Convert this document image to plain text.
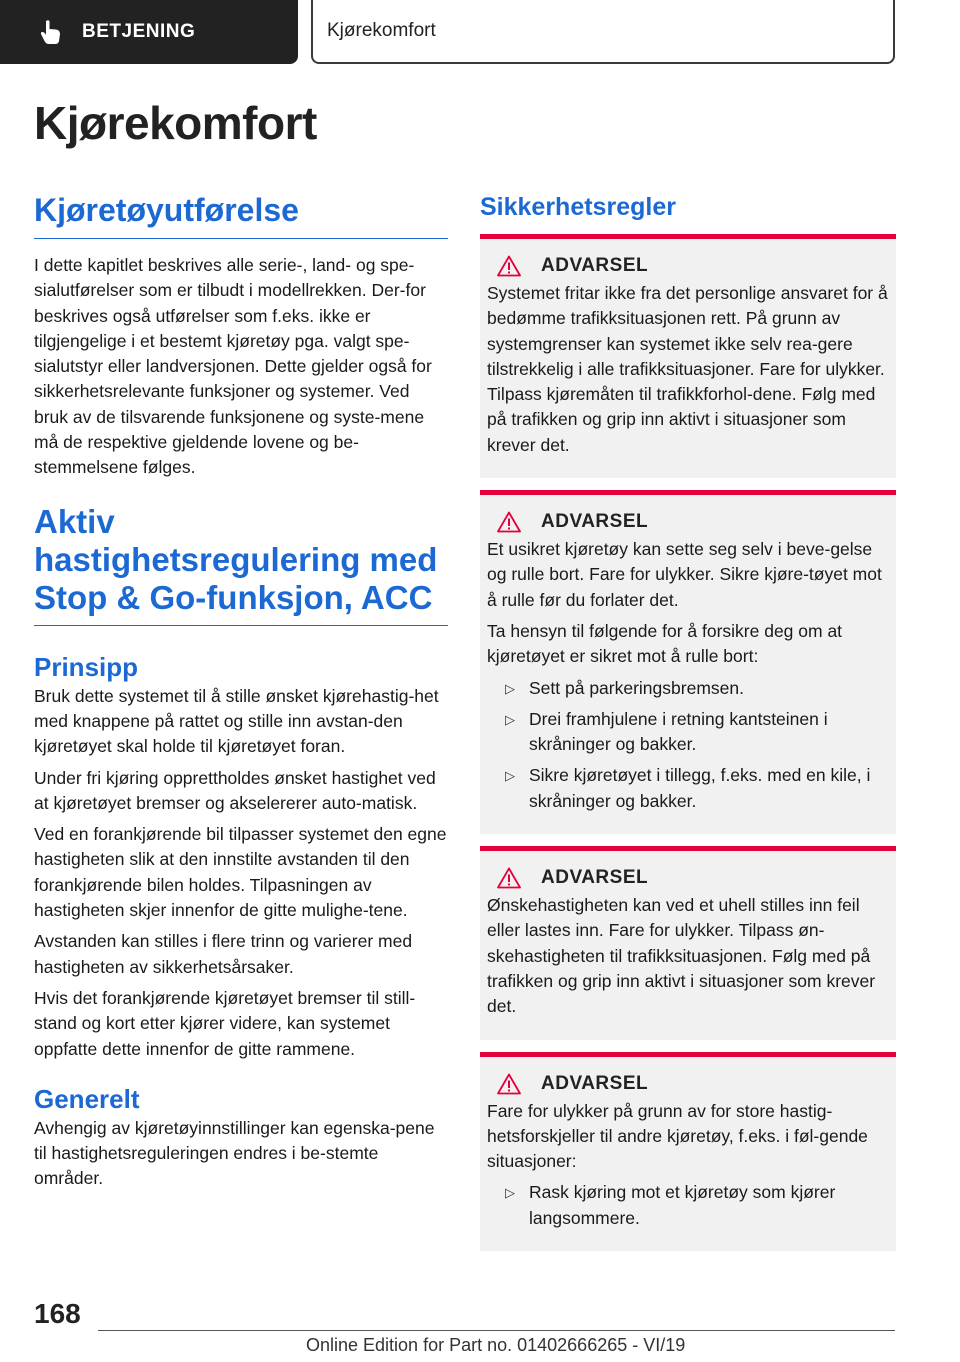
BETJENING	Kjørekomfort
Kjørekomfort
Kjøretøyutførelse

I dette kapitlet beskrives alle serie-, land- og spe-sialutførelser som er tilbudt i modellrekken. Der-for beskrives også utførelser som f.eks. ikke er tilgjengelige i et bestemt kjøretøy pga. valgt spe-sialutstyr eller landversjonen. Dette gjelder også for sikkerhetsrelevante funksjoner og systemer. Ved bruk av de tilsvarende funksjonene og syste-mene må de respektive gjeldende lovene og be-stemmelsene følges.

Aktiv hastighetsregulering med Stop & Go-funksjon, ACC
Prinsipp

Bruk dette systemet til å stille ønsket kjørehastig-het med knappene på rattet og stille inn avstan-den kjøretøyet skal holde til kjøretøyet foran.

Under fri kjøring opprettholdes ønsket hastighet ved at kjøretøyet bremser og akselererer auto-matisk.

Ved en forankjørende bil tilpasser systemet den egne hastigheten slik at den innstilte avstanden til den forankjørende bilen holdes. Tilpasningen av hastigheten skjer innenfor de gitte mulighe-tene.

Avstanden kan stilles i flere trinn og varierer med hastigheten av sikkerhetsårsaker.

Hvis det forankjørende kjøretøyet bremser til still-stand og kort etter kjører videre, kan systemet oppfatte dette innenfor de gitte rammene.

Generelt

Avhengig av kjøretøyinnstillinger kan egenska-pene til hastighetsreguleringen endres i be-stemte områder.

Sikkerhetsregler
ADVARSEL

Systemet fritar ikke fra det personlige ansvaret for å bedømme trafikksituasjonen rett. På grunn av systemgrenser kan systemet ikke selv rea-gere tilstrekkelig i alle trafikksituasjoner. Fare for ulykker. Tilpass kjøremåten til trafikkforhol-dene. Følg med på trafikken og grip inn aktivt i situasjoner som krever det.

ADVARSEL

Et usikret kjøretøy kan sette seg selv i beve-gelse og rulle bort. Fare for ulykker. Sikre kjøre-tøyet mot å rulle før du forlater det.

Ta hensyn til følgende for å forsikre deg om at kjøretøyet er sikret mot å rulle bort:

▷ Sett på parkeringsbremsen.
▷ Drei framhjulene i retning kantsteinen i skråninger og bakker.
▷ Sikre kjøretøyet i tillegg, f.eks. med en kile, i skråninger og bakker.
ADVARSEL

Ønskehastigheten kan ved et uhell stilles inn feil eller lastes inn. Fare for ulykker. Tilpass øn-skehastigheten til trafikksituasjonen. Følg med på trafikken og grip inn aktivt i situasjoner som krever det.

ADVARSEL

Fare for ulykker på grunn av for store hastig-hetsforskjeller til andre kjøretøy, f.eks. i føl-gende situasjoner:

▷ Rask kjøring mot et kjøretøy som kjører langsommere.
168
Online Edition for Part no. 01402666265 - VI/19
